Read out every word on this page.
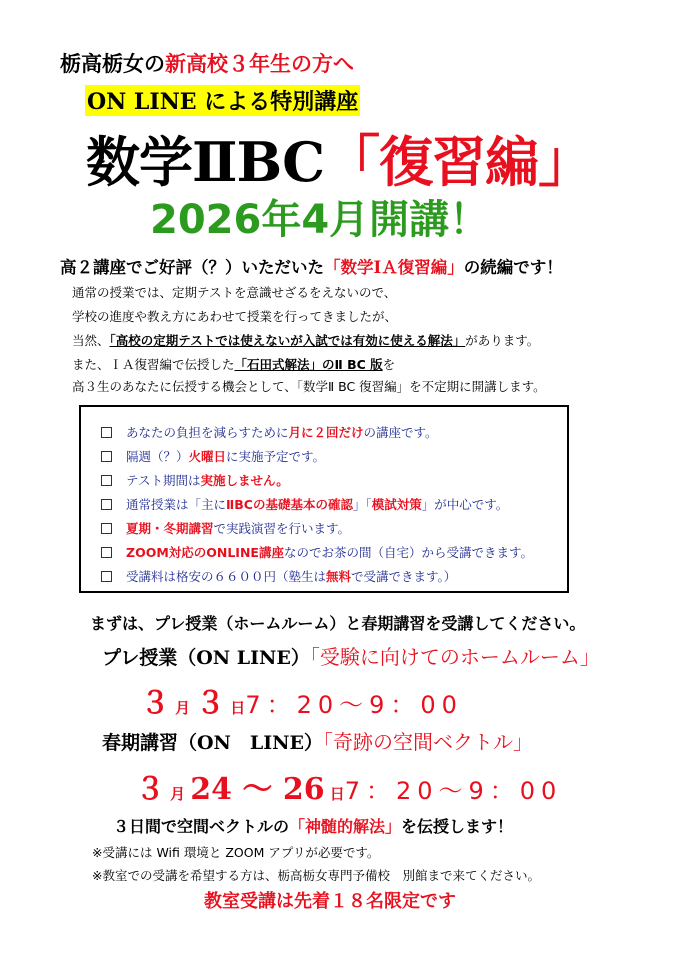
栃高栃女の新高校３年生の方へ
ON LINE による特別講座
数学ⅡBC「復習編」
2026年4月開講！
高２講座でご好評（？）いただいた「数学ⅠＡ復習編」の続編です！
通常の授業では、定期テストを意識せざるをえないので、
学校の進度や教え方にあわせて授業を行ってきましたが、
当然、「高校の定期テストでは使えないが入試では有効に使える解法」があります。
また、ＩＡ復習編で伝授した「石田式解法」のⅡ BC 版を
高３生のあなたに伝授する機会として、「数学Ⅱ BC 復習編」を不定期に開講します。
あなたの負担を減らすために月に２回だけの講座です。
隔週（？）火曜日に実施予定です。
テスト期間は実施しません。
通常授業は「主にⅡBCの基礎基本の確認」「模試対策」が中心です。
夏期・冬期講習で実践演習を行います。
ZOOM対応のONLINE講座なのでお茶の間（自宅）から受講できます。
受講料は格安の６６００円（塾生は無料で受講できます。）
まずは、プレ授業（ホームルーム）と春期講習を受講してください。
プレ授業（ON LINE）「受験に向けてのホームルーム」
３ 月 ３ 日7：20〜9：00
春期講習（ON　LINE）「奇跡の空間ベクトル」
３ 月 24 〜 26 日7：20〜9：00
３日間で空間ベクトルの「神髄的解法」を伝授します！
※受講には Wifi 環境と ZOOM アプリが必要です。
※教室での受講を希望する方は、栃高栃女専門予備校　別館まで来てください。
教室受講は先着１８名限定です
